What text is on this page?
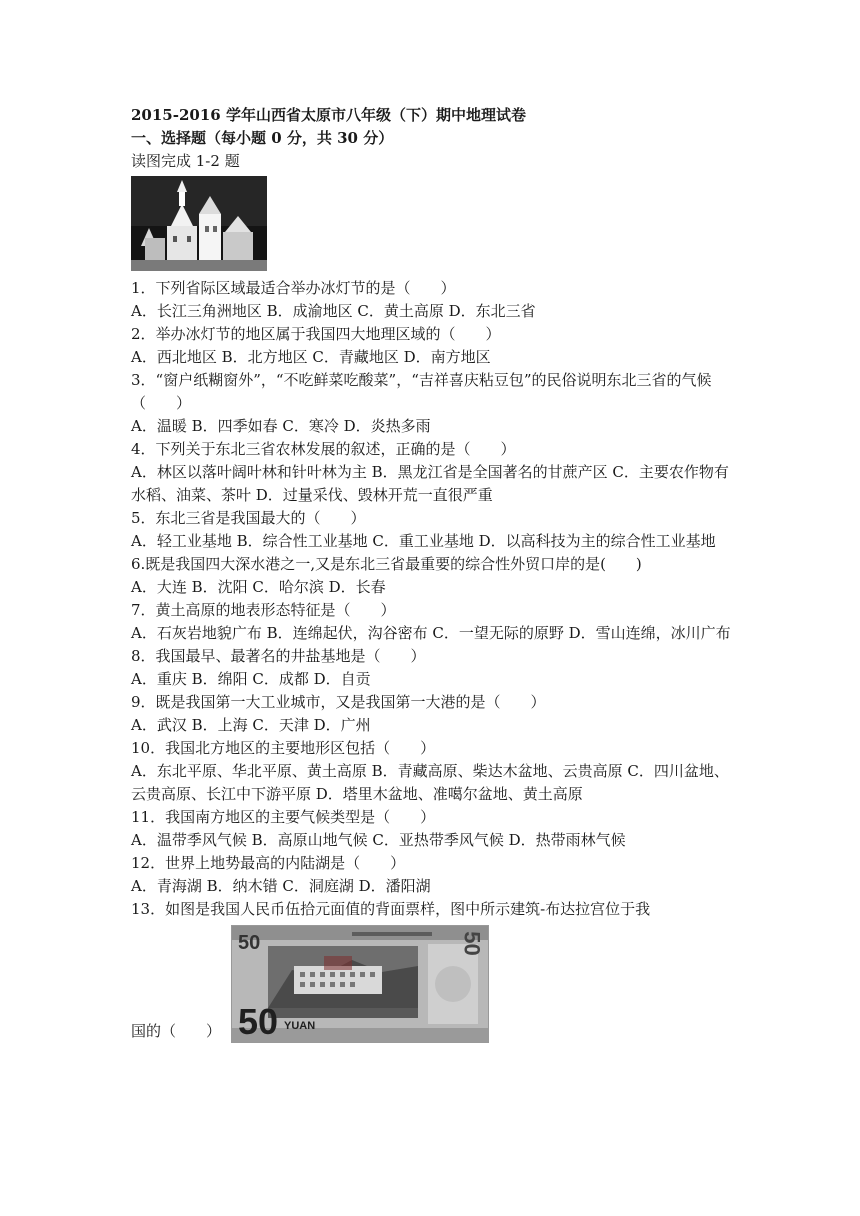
2015-2016 学年山西省太原市八年级（下）期中地理试卷

一、选择题（每小题 0 分，共 30 分）

读图完成 1-2 题

1．下列省际区域最适合举办冰灯节的是（　　）

A．长江三角洲地区 B．成渝地区 C．黄土高原 D．东北三省

2．举办冰灯节的地区属于我国四大地理区域的（　　）

A．西北地区 B．北方地区 C．青藏地区 D．南方地区

3．“窗户纸糊窗外”，“不吃鲜菜吃酸菜”，“吉祥喜庆粘豆包”的民俗说明东北三省的气候（　　）

A．温暖 B．四季如春 C．寒冷 D．炎热多雨

4．下列关于东北三省农林发展的叙述，正确的是（　　）

A．林区以落叶阔叶林和针叶林为主 B．黑龙江省是全国著名的甘蔗产区 C．主要农作物有水稻、油菜、茶叶 D．过量采伐、毁林开荒一直很严重

5．东北三省是我国最大的（　　）

A．轻工业基地 B．综合性工业基地 C．重工业基地 D．以高科技为主的综合性工业基地

6.既是我国四大深水港之一,又是东北三省最重要的综合性外贸口岸的是(　　)

A．大连 B．沈阳 C．哈尔滨 D．长春

7．黄土高原的地表形态特征是（　　）

A．石灰岩地貌广布 B．连绵起伏，沟谷密布 C．一望无际的原野 D．雪山连绵，冰川广布

8．我国最早、最著名的井盐基地是（　　）

A．重庆 B．绵阳 C．成都 D．自贡

9．既是我国第一大工业城市，又是我国第一大港的是（　　）

A．武汉 B．上海 C．天津 D．广州

10．我国北方地区的主要地形区包括（　　）

A．东北平原、华北平原、黄土高原 B．青藏高原、柴达木盆地、云贵高原 C．四川盆地、云贵高原、长江中下游平原 D．塔里木盆地、准噶尔盆地、黄土高原

11．我国南方地区的主要气候类型是（　　）

A．温带季风气候 B．高原山地气候 C．亚热带季风气候 D．热带雨林气候

12．世界上地势最高的内陆湖是（　　）

A．青海湖 B．纳木错 C．洞庭湖 D．潘阳湖

13．如图是我国人民币伍拾元面值的背面票样，图中所示建筑-布达拉宫位于我

国的（　　）
50	50
50 YUAN
